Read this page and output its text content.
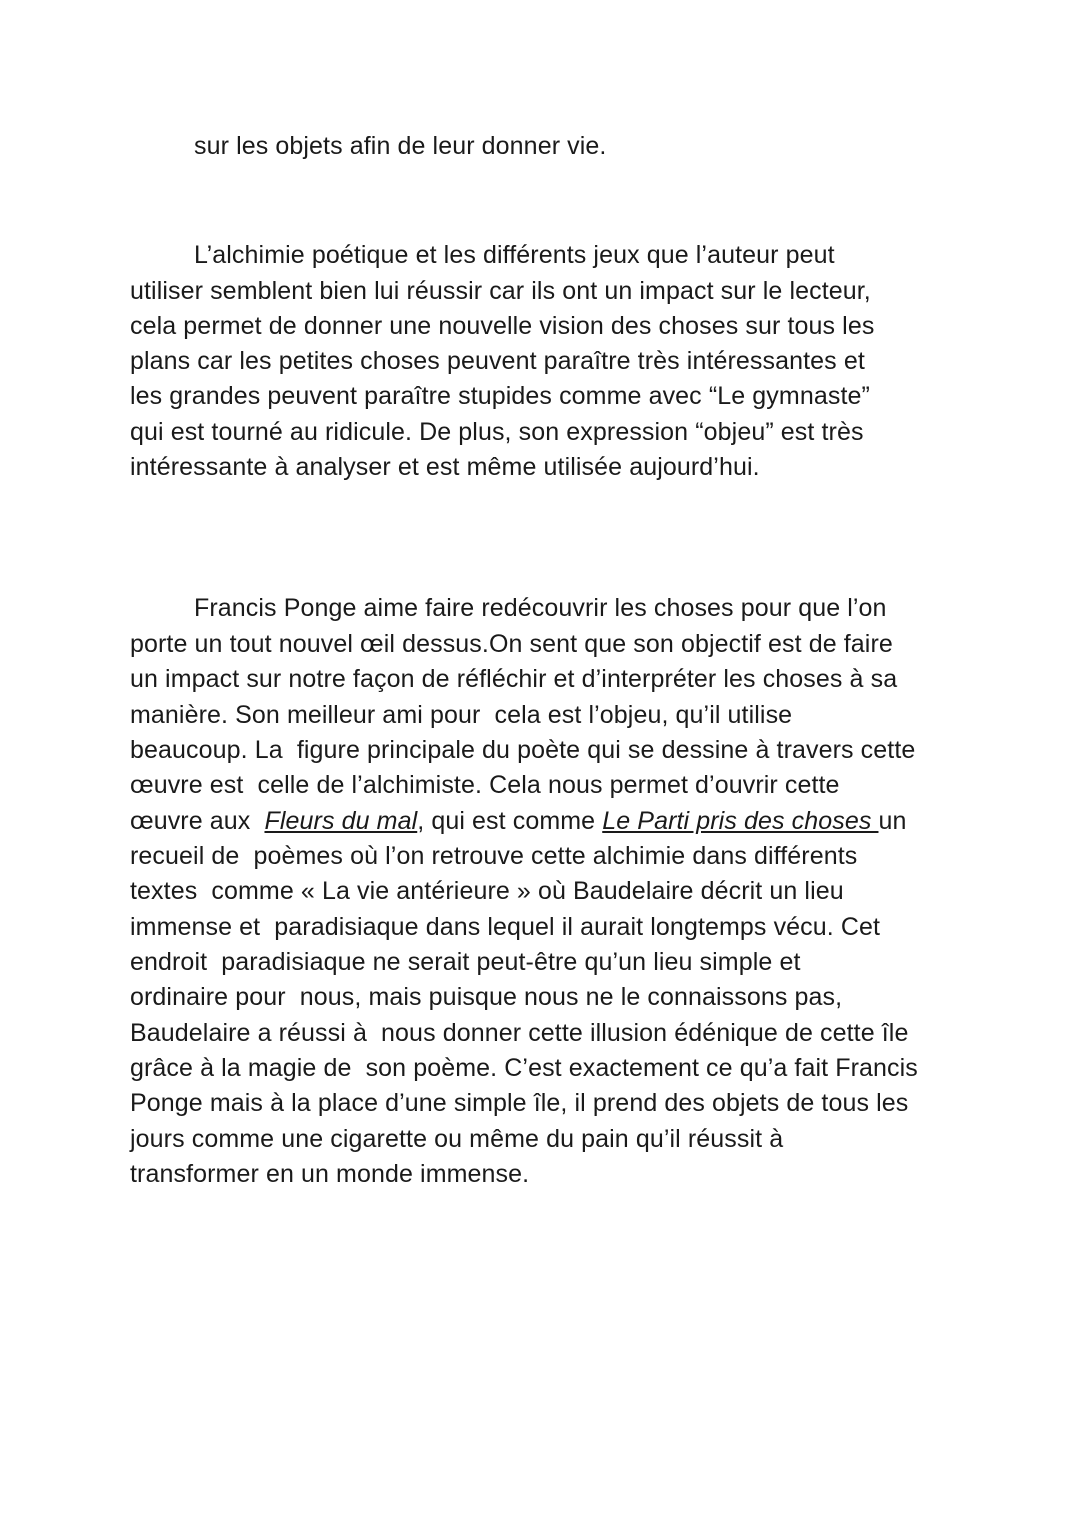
sur les objets afin de leur donner vie.
L’alchimie poétique et les différents jeux que l’auteur peut
utiliser semblent bien lui réussir car ils ont un impact sur le lecteur,
cela permet de donner une nouvelle vision des choses sur tous les
plans car les petites choses peuvent paraître très intéressantes et
les grandes peuvent paraître stupides comme avec “Le gymnaste”
qui est tourné au ridicule. De plus, son expression “objeu” est très
intéressante à analyser et est même utilisée aujourd’hui.
Francis Ponge aime faire redécouvrir les choses pour que l’on
porte un tout nouvel œil dessus.On sent que son objectif est de faire
un impact sur notre façon de réfléchir et d’interpréter les choses à sa
manière. Son meilleur ami pour  cela est l’objeu, qu’il utilise
beaucoup. La  figure principale du poète qui se dessine à travers cette
œuvre est  celle de l’alchimiste. Cela nous permet d’ouvrir cette
œuvre aux  Fleurs du mal, qui est comme Le Parti pris des choses un
recueil de  poèmes où l’on retrouve cette alchimie dans différents
textes  comme « La vie antérieure » où Baudelaire décrit un lieu
immense et  paradisiaque dans lequel il aurait longtemps vécu. Cet
endroit  paradisiaque ne serait peut-être qu’un lieu simple et
ordinaire pour  nous, mais puisque nous ne le connaissons pas,
Baudelaire a réussi à  nous donner cette illusion édénique de cette île
grâce à la magie de  son poème. C’est exactement ce qu’a fait Francis
Ponge mais à la place d’une simple île, il prend des objets de tous les
jours comme une cigarette ou même du pain qu’il réussit à
transformer en un monde immense.
